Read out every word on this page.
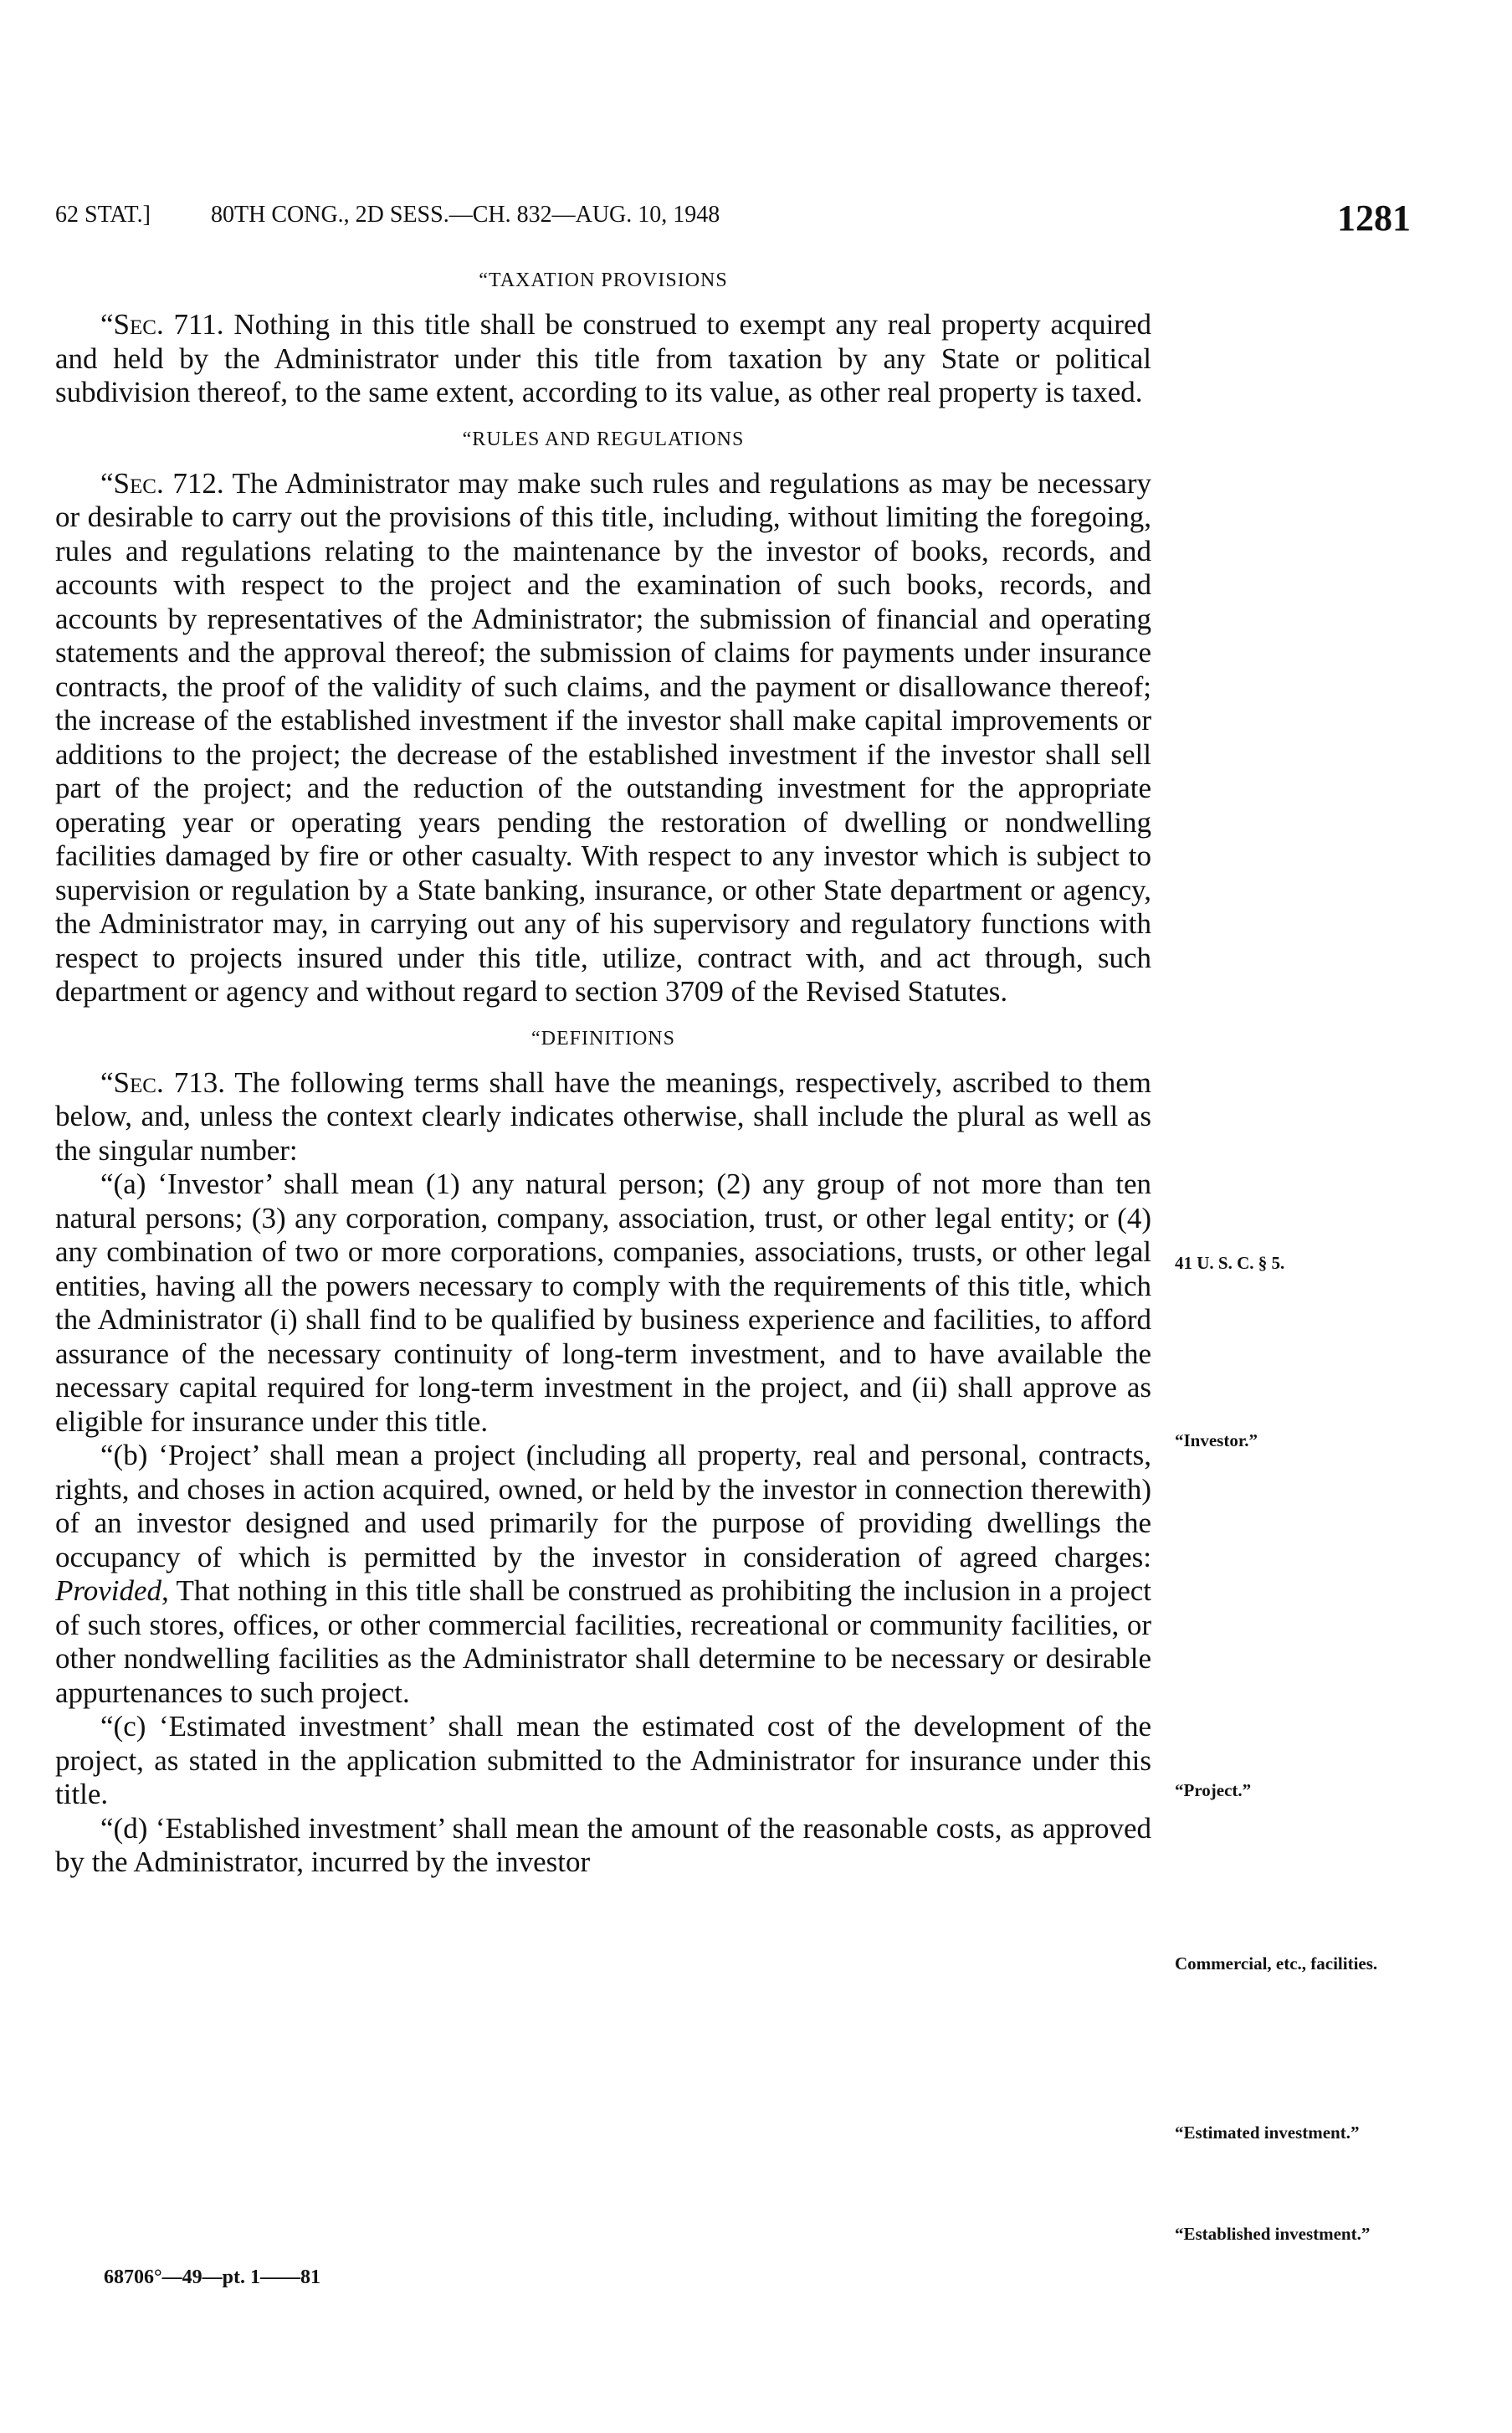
62 STAT.]	80TH CONG., 2D SESS.—CH. 832—AUG. 10, 1948	1281
“TAXATION PROVISIONS

“Sec. 711. Nothing in this title shall be construed to exempt any real property acquired and held by the Administrator under this title from taxation by any State or political subdivision thereof, to the same extent, according to its value, as other real property is taxed.

“RULES AND REGULATIONS

“Sec. 712. The Administrator may make such rules and regulations as may be necessary or desirable to carry out the provisions of this title, including, without limiting the foregoing, rules and regulations relating to the maintenance by the investor of books, records, and accounts with respect to the project and the examination of such books, records, and accounts by representatives of the Administrator; the submission of financial and operating statements and the approval thereof; the submission of claims for payments under insurance contracts, the proof of the validity of such claims, and the payment or disallowance thereof; the increase of the established investment if the investor shall make capital improvements or additions to the project; the decrease of the established investment if the investor shall sell part of the project; and the reduction of the outstanding investment for the appropriate operating year or operating years pending the restoration of dwelling or nondwelling facilities damaged by fire or other casualty. With respect to any investor which is subject to supervision or regulation by a State banking, insurance, or other State department or agency, the Administrator may, in carrying out any of his supervisory and regulatory functions with respect to projects insured under this title, utilize, contract with, and act through, such department or agency and without regard to section 3709 of the Revised Statutes.

“DEFINITIONS

“Sec. 713. The following terms shall have the meanings, respectively, ascribed to them below, and, unless the context clearly indicates otherwise, shall include the plural as well as the singular number:

“(a) ‘Investor’ shall mean (1) any natural person; (2) any group of not more than ten natural persons; (3) any corporation, company, association, trust, or other legal entity; or (4) any combination of two or more corporations, companies, associations, trusts, or other legal entities, having all the powers necessary to comply with the requirements of this title, which the Administrator (i) shall find to be qualified by business experience and facilities, to afford assurance of the necessary continuity of long-term investment, and to have available the necessary capital required for long-term investment in the project, and (ii) shall approve as eligible for insurance under this title.

“(b) ‘Project’ shall mean a project (including all property, real and personal, contracts, rights, and choses in action acquired, owned, or held by the investor in connection therewith) of an investor designed and used primarily for the purpose of providing dwellings the occupancy of which is permitted by the investor in consideration of agreed charges: Provided, That nothing in this title shall be construed as prohibiting the inclusion in a project of such stores, offices, or other commercial facilities, recreational or community facilities, or other nondwelling facilities as the Administrator shall determine to be necessary or desirable appurtenances to such project.

“(c) ‘Estimated investment’ shall mean the estimated cost of the development of the project, as stated in the application submitted to the Administrator for insurance under this title.

“(d) ‘Established investment’ shall mean the amount of the reasonable costs, as approved by the Administrator, incurred by the investor

41 U. S. C. § 5.
“Investor.”
“Project.”
Commercial, etc., facilities.
“Estimated investment.”
“Established investment.”
68706°—49—pt. 1——81
